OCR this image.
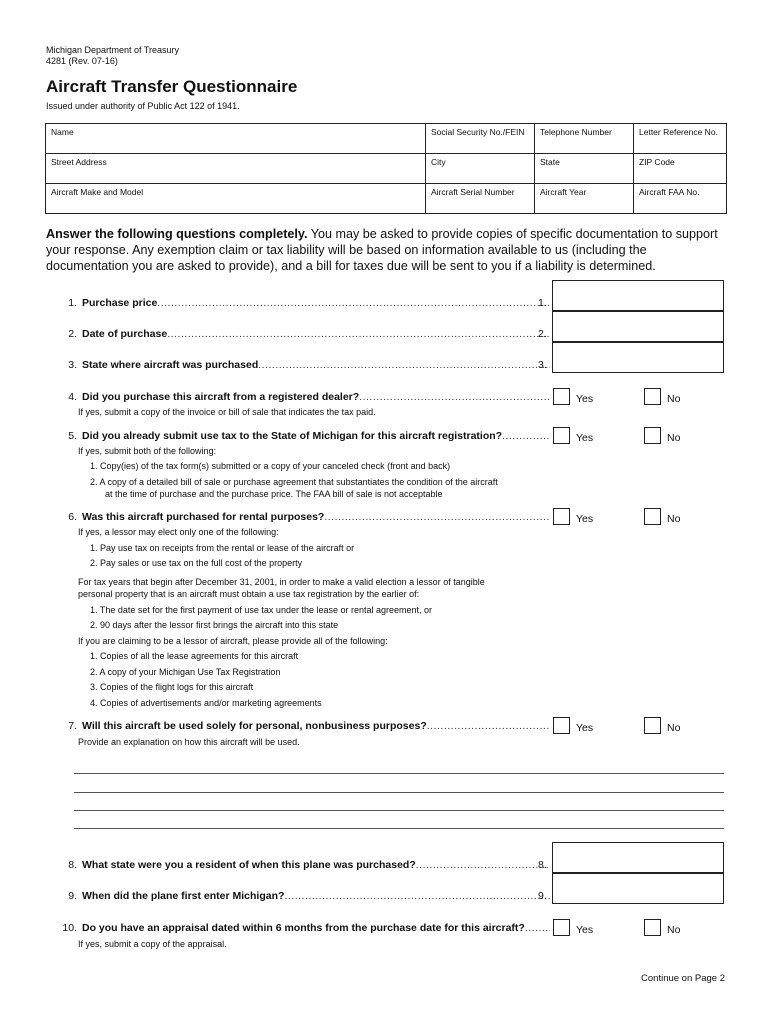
Michigan Department of Treasury
4281 (Rev. 07-16)
Aircraft Transfer Questionnaire
Issued under authority of Public Act 122 of 1941.
Name	Social Security No./FEIN	Telephone Number	Letter Reference No.
Street Address	City	State	ZIP Code
Aircraft Make and Model	Aircraft Serial Number	Aircraft Year	Aircraft FAA No.
Answer the following questions completely. You may be asked to provide copies of specific documentation to support your response. Any exemption claim or tax liability will be based on information available to us (including the documentation you are asked to provide), and a bill for taxes due will be sent to you if a liability is determined.
1. Purchase price .....	1.
2. Date of purchase .....	2.
3. State where aircraft was purchased .....	3.
4. Did you purchase this aircraft from a registered dealer? .....	Yes	No
If yes, submit a copy of the invoice or bill of sale that indicates the tax paid.
5. Did you already submit use tax to the State of Michigan for this aircraft registration? .....	Yes	No
If yes, submit both of the following:
1. Copy(ies) of the tax form(s) submitted or a copy of your canceled check (front and back)
2. A copy of a detailed bill of sale or purchase agreement that substantiates the condition of the aircraft
at the time of purchase and the purchase price. The FAA bill of sale is not acceptable
6. Was this aircraft purchased for rental purposes? .....	Yes	No
If yes, a lessor may elect only one of the following:
1. Pay use tax on receipts from the rental or lease of the aircraft or
2. Pay sales or use tax on the full cost of the property
For tax years that begin after December 31, 2001, in order to make a valid election a lessor of tangible
personal property that is an aircraft must obtain a use tax registration by the earlier of:
1. The date set for the first payment of use tax under the lease or rental agreement, or
2. 90 days after the lessor first brings the aircraft into this state
If you are claiming to be a lessor of aircraft, please provide all of the following:
1. Copies of all the lease agreements for this aircraft
2. A copy of your Michigan Use Tax Registration
3. Copies of the flight logs for this aircraft
4. Copies of advertisements and/or marketing agreements
7. Will this aircraft be used solely for personal, nonbusiness purposes? .....	Yes	No
Provide an explanation on how this aircraft will be used.
8. What state were you a resident of when this plane was purchased? .....	8.
9. When did the plane first enter Michigan? .....	9.
10. Do you have an appraisal dated within 6 months from the purchase date for this aircraft? .....	Yes	No
If yes, submit a copy of the appraisal.
Continue on Page 2
